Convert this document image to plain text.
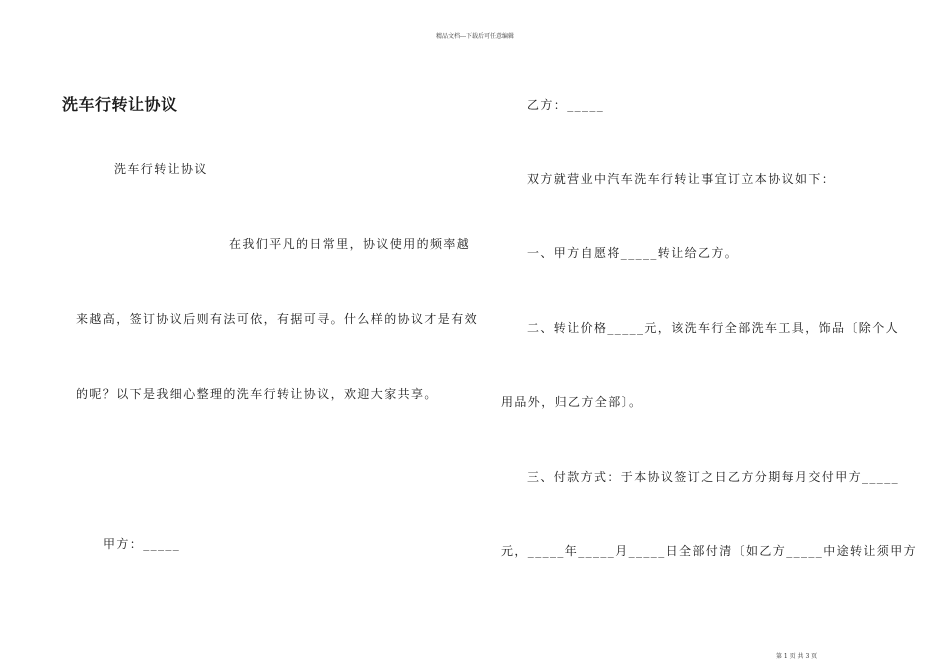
精品文档---下载后可任意编辑
洗车行转让协议
洗车行转让协议
在我们平凡的日常里，协议使用的频率越
来越高，签订协议后则有法可依，有据可寻。什么样的协议才是有效
的呢？以下是我细心整理的洗车行转让协议，欢迎大家共享。
甲方：_____
乙方：_____
双方就营业中汽车洗车行转让事宜订立本协议如下：
一、甲方自愿将_____转让给乙方。
二、转让价格_____元，该洗车行全部洗车工具，饰品〔除个人
用品外，归乙方全部〕。
三、付款方式：于本协议签订之日乙方分期每月交付甲方_____
元，_____年_____月_____日全部付清〔如乙方_____中途转让须甲方
第 1 页 共 3 页
